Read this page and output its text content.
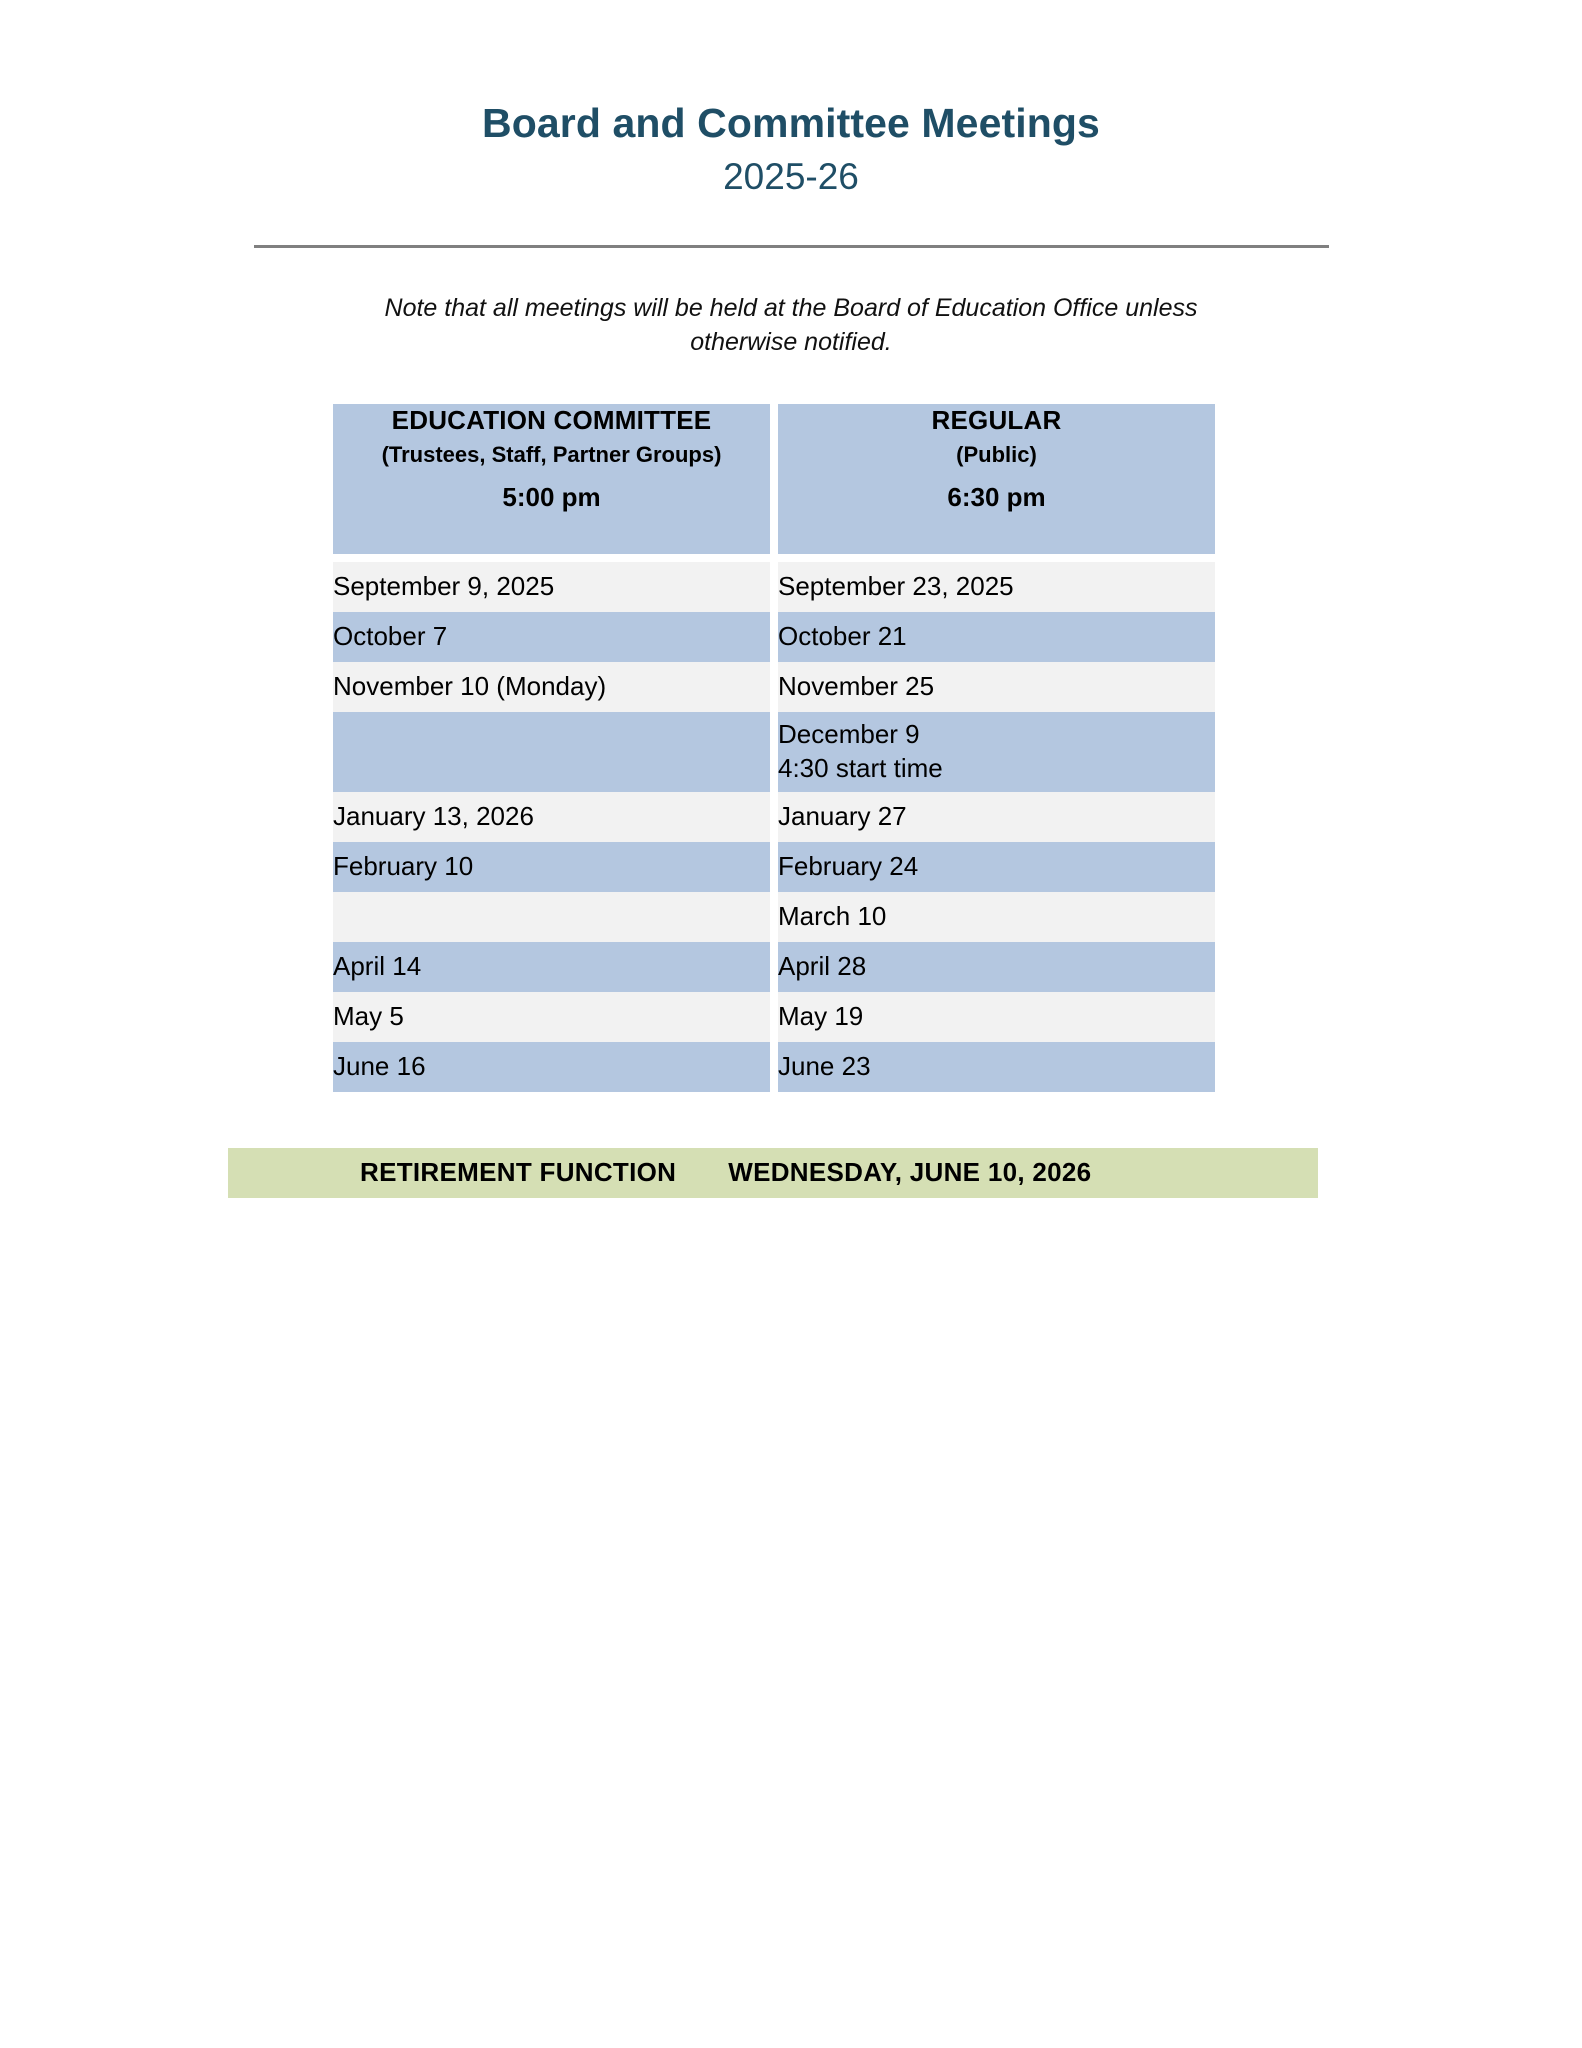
Board and Committee Meetings
2025-26
Note that all meetings will be held at the Board of Education Office unless otherwise notified.
EDUCATION COMMITTEE
(Trustees, Staff, Partner Groups)
5:00 pm

REGULAR
(Public)
6:30 pm

September 9, 2025	September 23, 2025
October 7	October 21
November 10 (Monday)	November 25

	December 9
4:30 start time

January 13, 2026	January 27
February 10	February 24
	March 10
April 14	April 28
May 5	May 19
June 16	June 23
RETIREMENT FUNCTION WEDNESDAY, JUNE 10, 2026
